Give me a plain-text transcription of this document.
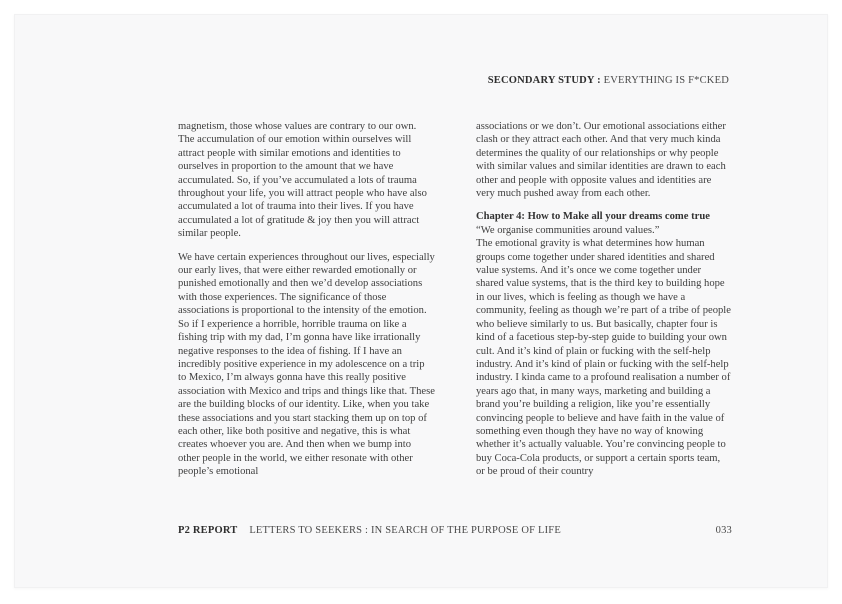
SECONDARY STUDY : EVERYTHING IS F*CKED

magnetism, those whose values are contrary to our own. The accumulation of our emotion within ourselves will attract people with similar emotions and identities to ourselves in proportion to the amount that we have accumulated. So, if you’ve accumulated a lots of trauma throughout your life, you will attract people who have also accumulated a lot of trauma into their lives. If you have accumulated a lot of gratitude & joy then you will attract similar people.

We have certain experiences throughout our lives, especially our early lives, that were either rewarded emotionally or punished emotionally and then we’d develop associations with those experiences. The significance of those associations is proportional to the intensity of the emotion. So if I experience a horrible, horrible trauma on like a fishing trip with my dad, I’m gonna have like irrationally negative responses to the idea of fishing. If I have an incredibly positive experience in my adolescence on a trip to Mexico, I’m always gonna have this really positive association with Mexico and trips and things like that. These are the building blocks of our identity. Like, when you take these associations and you start stacking them up on top of each other, like both positive and negative, this is what creates whoever you are. And then when we bump into other people in the world, we either resonate with other people’s emotional

associations or we don’t. Our emotional associations either clash or they attract each other. And that very much kinda determines the quality of our relationships or why people with similar values and similar identities are drawn to each other and people with opposite values and identities are very much pushed away from each other.

Chapter 4: How to Make all your dreams come true
“We organise communities around values.”
The emotional gravity is what determines how human groups come together under shared identities and shared value systems. And it’s once we come together under shared value systems, that is the third key to building hope in our lives, which is feeling as though we have a community, feeling as though we’re part of a tribe of people who believe similarly to us. But basically, chapter four is kind of a facetious step-by-step guide to building your own cult. And it’s kind of plain or fucking with the self-help industry. And it’s kind of plain or fucking with the self-help industry. I kinda came to a profound realisation a number of years ago that, in many ways, marketing and building a brand you’re building a religion, like you’re essentially convincing people to believe and have faith in the value of something even though they have no way of knowing whether it’s actually valuable. You’re convincing people to buy Coca-Cola products, or support a certain sports team, or be proud of their country
P2 REPORT LETTERS TO SEEKERS : IN SEARCH OF THE PURPOSE OF LIFE	033
